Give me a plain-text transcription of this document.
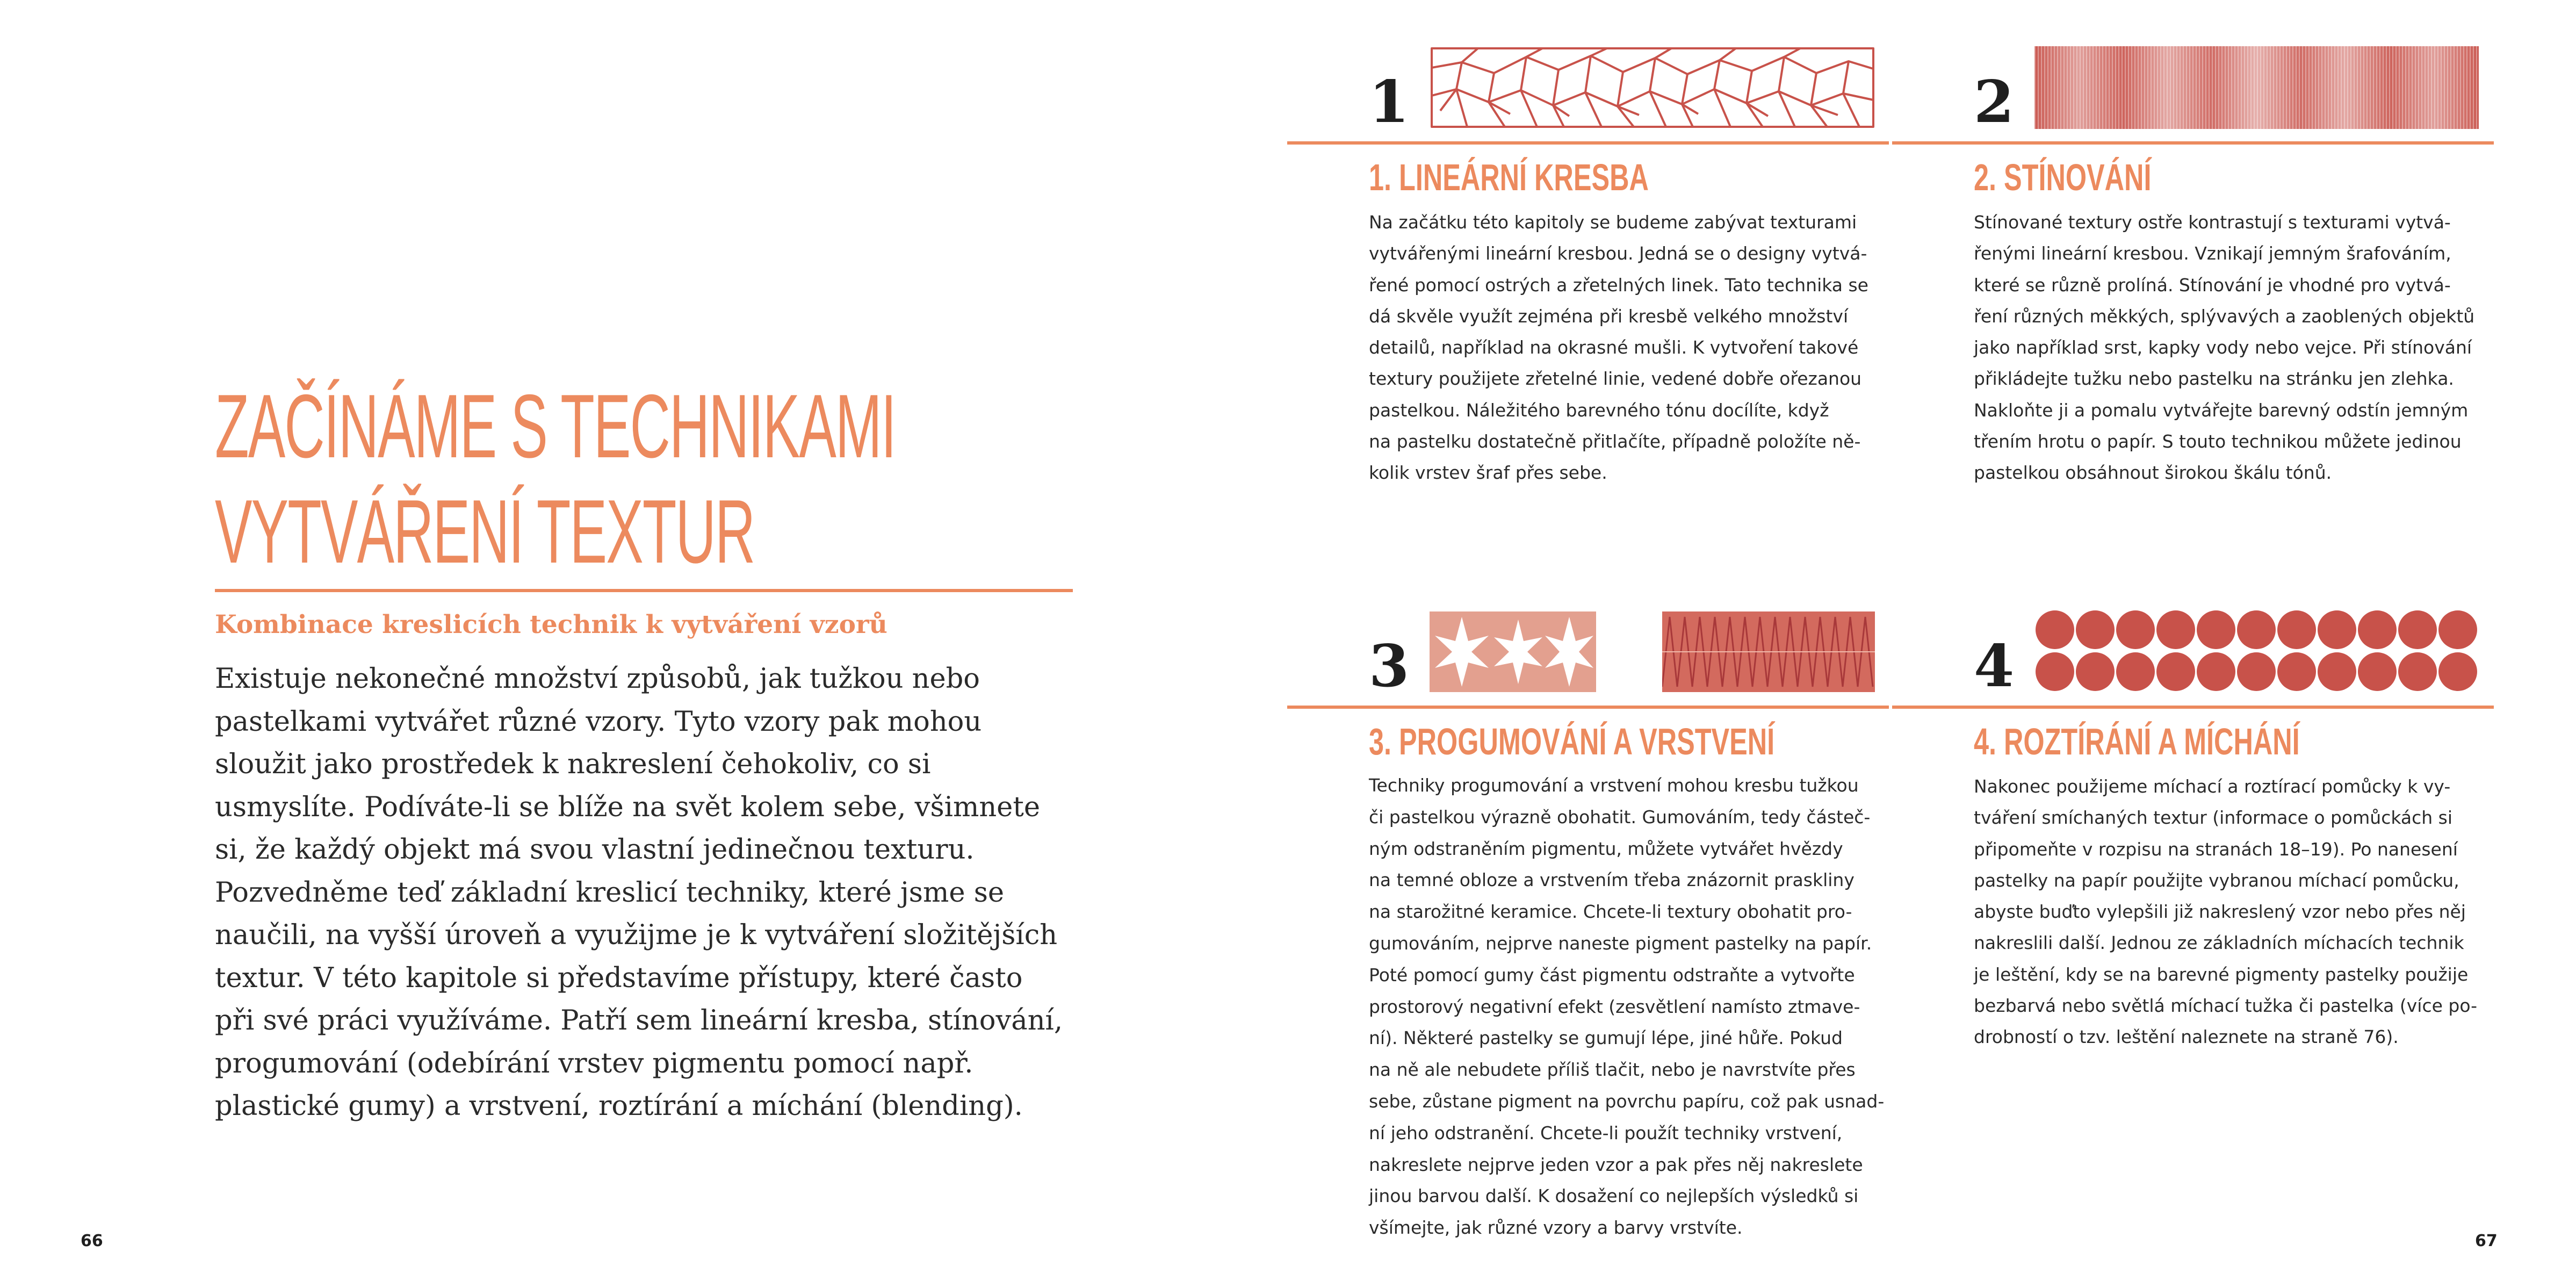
ZAČÍNÁME S TECHNIKAMI
VYTVÁŘENÍ TEXTUR
Kombinace kreslicích technik k vytváření vzorů
Existuje nekonečné množství způsobů, jak tužkou nebo
pastelkami vytvářet různé vzory. Tyto vzory pak mohou
sloužit jako prostředek k nakreslení čehokoliv, co si
usmyslíte. Podíváte-li se blíže na svět kolem sebe, všimnete
si, že každý objekt má svou vlastní jedinečnou texturu.
Pozvedněme teď základní kreslicí techniky, které jsme se
naučili, na vyšší úroveň a využijme je k vytváření složitějších
textur. V této kapitole si představíme přístupy, které často
při své práci využíváme. Patří sem lineární kresba, stínování,
progumování (odebírání vrstev pigmentu pomocí např.
plastické gumy) a vrstvení, roztírání a míchání (blending).
66
1
1. LINEÁRNÍ KRESBA
Na začátku této kapitoly se budeme zabývat texturami
vytvářenými lineární kresbou. Jedná se o designy vytvá-
řené pomocí ostrých a zřetelných linek. Tato technika se
dá skvěle využít zejména při kresbě velkého množství
detailů, například na okrasné mušli. K vytvoření takové
textury použijete zřetelné linie, vedené dobře ořezanou
pastelkou. Náležitého barevného tónu docílíte, když
na pastelku dostatečně přitlačíte, případně položíte ně-
kolik vrstev šraf přes sebe.
2
2. STÍNOVÁNÍ
Stínované textury ostře kontrastují s texturami vytvá-
řenými lineární kresbou. Vznikají jemným šrafováním,
které se různě prolíná. Stínování je vhodné pro vytvá-
ření různých měkkých, splývavých a zaoblených objektů
jako například srst, kapky vody nebo vejce. Při stínování
přikládejte tužku nebo pastelku na stránku jen zlehka.
Nakloňte ji a pomalu vytvářejte barevný odstín jemným
třením hrotu o papír. S touto technikou můžete jedinou
pastelkou obsáhnout širokou škálu tónů.
3
3. PROGUMOVÁNÍ A VRSTVENÍ
Techniky progumování a vrstvení mohou kresbu tužkou
či pastelkou výrazně obohatit. Gumováním, tedy částeč-
ným odstraněním pigmentu, můžete vytvářet hvězdy
na temné obloze a vrstvením třeba znázornit praskliny
na starožitné keramice. Chcete-li textury obohatit pro-
gumováním, nejprve naneste pigment pastelky na papír.
Poté pomocí gumy část pigmentu odstraňte a vytvořte
prostorový negativní efekt (zesvětlení namísto ztmave-
ní). Některé pastelky se gumují lépe, jiné hůře. Pokud
na ně ale nebudete příliš tlačit, nebo je navrstvíte přes
sebe, zůstane pigment na povrchu papíru, což pak usnad-
ní jeho odstranění. Chcete-li použít techniky vrstvení,
nakreslete nejprve jeden vzor a pak přes něj nakreslete
jinou barvou další. K dosažení co nejlepších výsledků si
všímejte, jak různé vzory a barvy vrstvíte.
4
4. ROZTÍRÁNÍ A MÍCHÁNÍ
Nakonec použijeme míchací a roztírací pomůcky k vy-
tváření smíchaných textur (informace o pomůckách si
připomeňte v rozpisu na stranách 18–19). Po nanesení
pastelky na papír použijte vybranou míchací pomůcku,
abyste buďto vylepšili již nakreslený vzor nebo přes něj
nakreslili další. Jednou ze základních míchacích technik
je leštění, kdy se na barevné pigmenty pastelky použije
bezbarvá nebo světlá míchací tužka či pastelka (více po-
drobností o tzv. leštění naleznete na straně 76).
67
